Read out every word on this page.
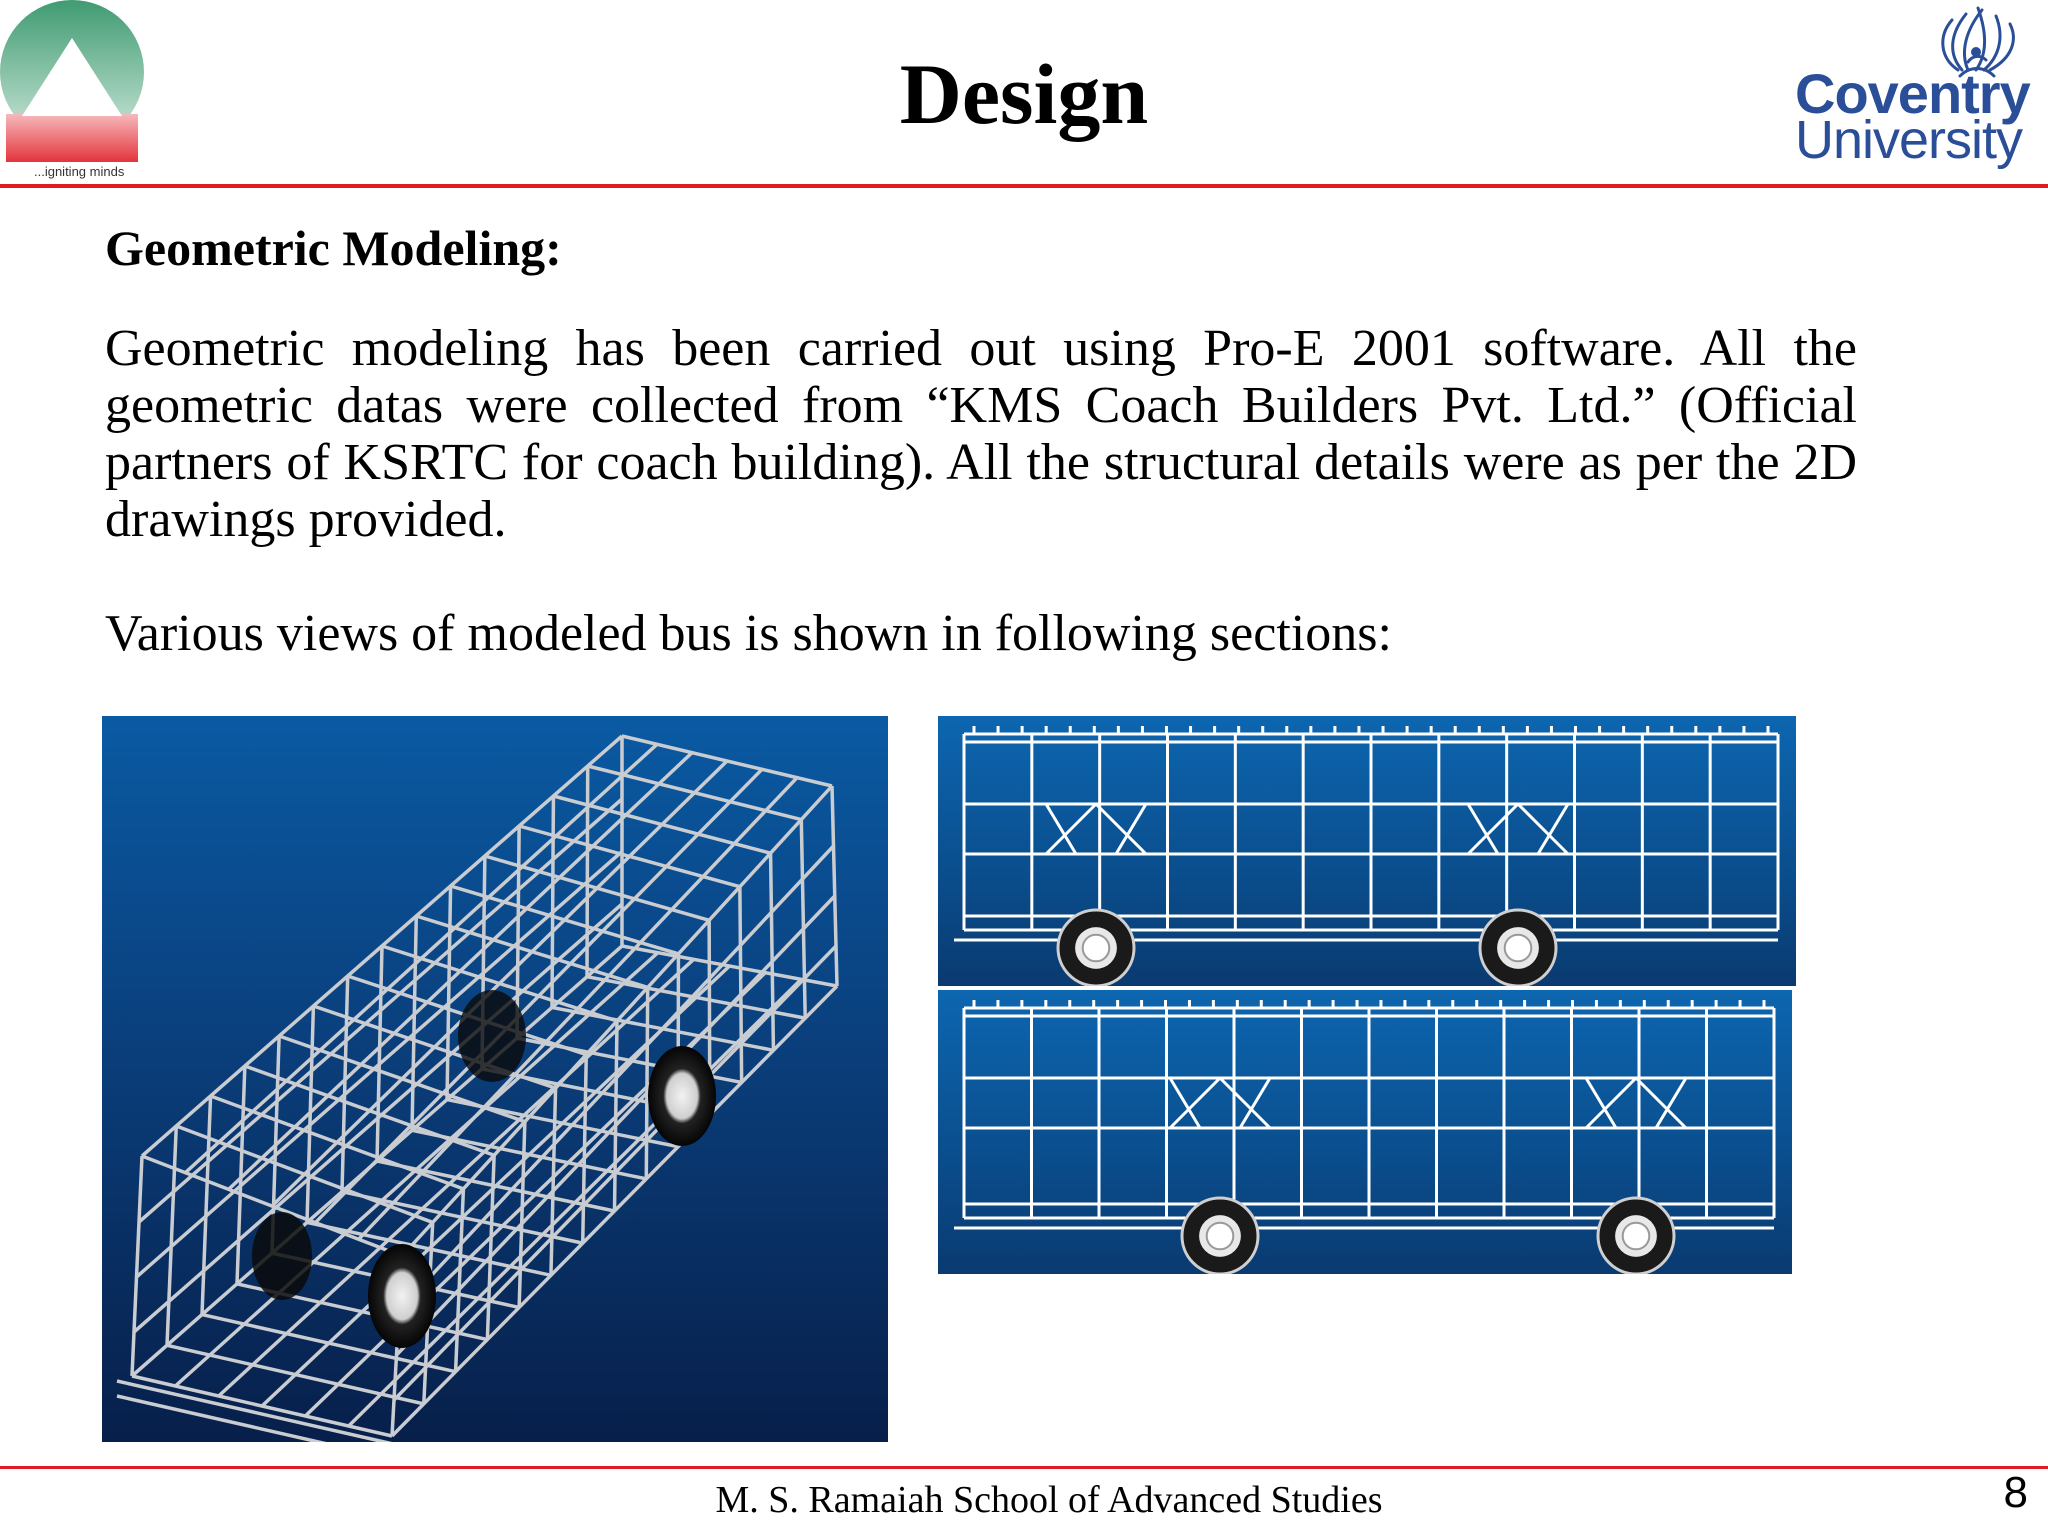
...igniting minds
Design	Coventry
University
Geometric Modeling:
Geometric modeling has been carried out using Pro-E 2001 software. All the geometric datas were collected from “KMS Coach Builders Pvt. Ltd.” (Official partners of KSRTC for coach building). All the structural details were as per the 2D drawings provided.
Various views of modeled bus is shown in following sections:
M. S. Ramaiah School of Advanced Studies	8
